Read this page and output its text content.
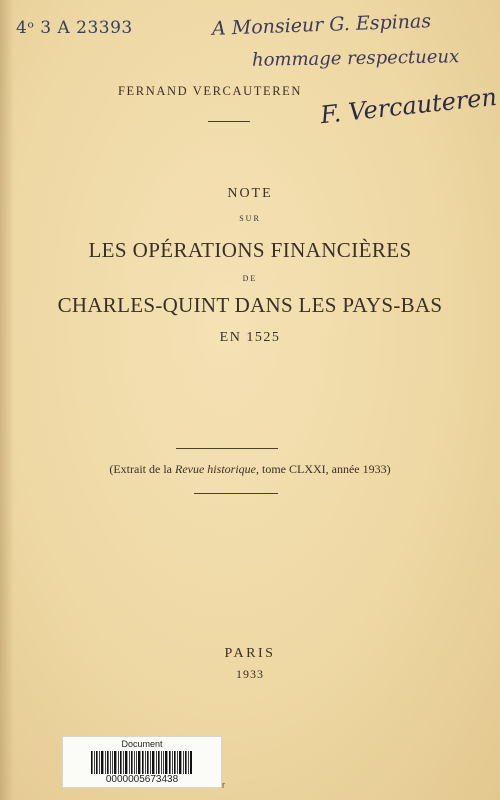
4ᵒ 3 A 23393	A Monsieur G. Espinas
hommage respectueux
F. Vercauteren
FERNAND VERCAUTEREN
NOTE
SUR
LES OPÉRATIONS FINANCIÈRES
DE
CHARLES-QUINT DANS LES PAYS-BAS
EN 1525
(Extrait de la Revue historique, tome CLXXI, année 1933)
PARIS
1933
Document
0000005673438	r
